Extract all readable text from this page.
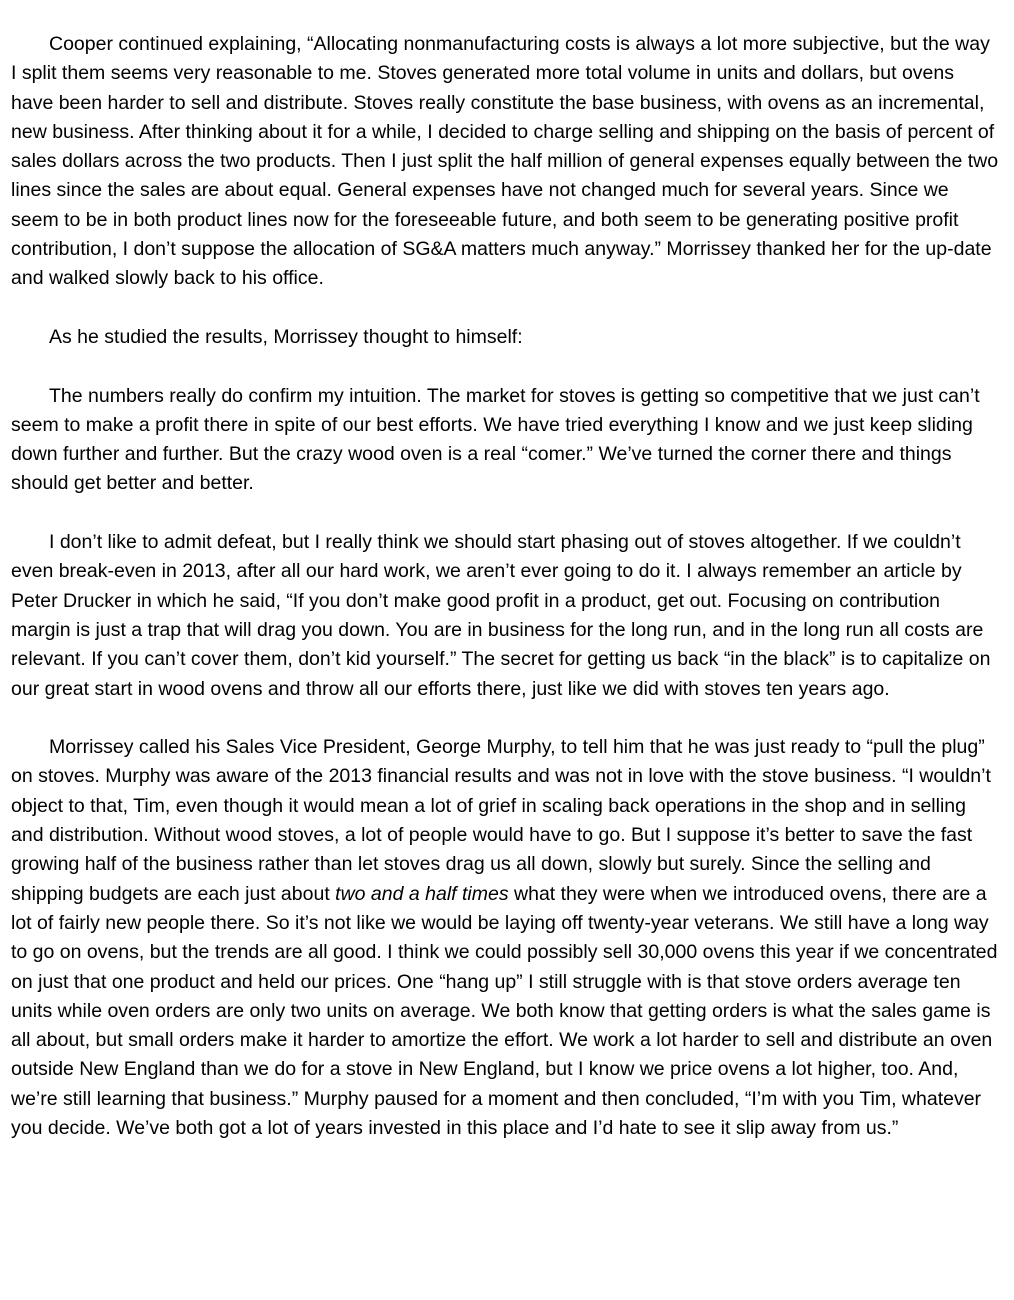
Cooper continued explaining, “Allocating nonmanufacturing costs is always a lot more subjective, but the way I split them seems very reasonable to me. Stoves generated more total volume in units and dollars, but ovens have been harder to sell and distribute. Stoves really constitute the base business, with ovens as an incremental, new business. After thinking about it for a while, I decided to charge selling and shipping on the basis of percent of sales dollars across the two products. Then I just split the half million of general expenses equally between the two lines since the sales are about equal. General expenses have not changed much for several years. Since we seem to be in both product lines now for the foreseeable future, and both seem to be generating positive profit contribution, I don’t suppose the allocation of SG&A matters much anyway.” Morrissey thanked her for the up-date and walked slowly back to his office.

As he studied the results, Morrissey thought to himself:

The numbers really do confirm my intuition. The market for stoves is getting so competitive that we just can’t seem to make a profit there in spite of our best efforts. We have tried everything I know and we just keep sliding down further and further. But the crazy wood oven is a real “comer.” We’ve turned the corner there and things should get better and better.

I don’t like to admit defeat, but I really think we should start phasing out of stoves altogether. If we couldn’t even break-even in 2013, after all our hard work, we aren’t ever going to do it. I always remember an article by Peter Drucker in which he said, “If you don’t make good profit in a product, get out. Focusing on contribution margin is just a trap that will drag you down. You are in business for the long run, and in the long run all costs are relevant. If you can’t cover them, don’t kid yourself.” The secret for getting us back “in the black” is to capitalize on our great start in wood ovens and throw all our efforts there, just like we did with stoves ten years ago.

Morrissey called his Sales Vice President, George Murphy, to tell him that he was just ready to “pull the plug” on stoves. Murphy was aware of the 2013 financial results and was not in love with the stove business. “I wouldn’t object to that, Tim, even though it would mean a lot of grief in scaling back operations in the shop and in selling and distribution. Without wood stoves, a lot of people would have to go. But I suppose it’s better to save the fast growing half of the business rather than let stoves drag us all down, slowly but surely. Since the selling and shipping budgets are each just about two and a half times what they were when we introduced ovens, there are a lot of fairly new people there. So it’s not like we would be laying off twenty-year veterans. We still have a long way to go on ovens, but the trends are all good. I think we could possibly sell 30,000 ovens this year if we concentrated on just that one product and held our prices. One “hang up” I still struggle with is that stove orders average ten units while oven orders are only two units on average. We both know that getting orders is what the sales game is all about, but small orders make it harder to amortize the effort. We work a lot harder to sell and distribute an oven outside New England than we do for a stove in New England, but I know we price ovens a lot higher, too. And, we’re still learning that business.” Murphy paused for a moment and then concluded, “I’m with you Tim, whatever you decide. We’ve both got a lot of years invested in this place and I’d hate to see it slip away from us.”
